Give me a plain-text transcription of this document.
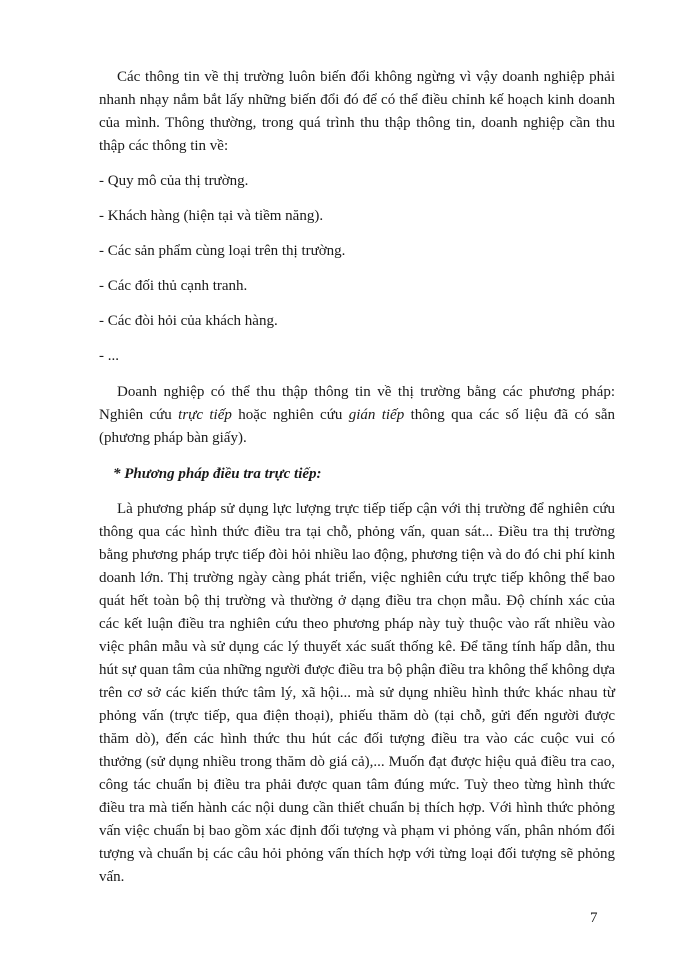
Các thông tin về thị trường luôn biến đổi không ngừng vì vậy doanh nghiệp phải nhanh nhạy nắm bắt lấy những biến đổi đó để có thể điều chỉnh kế hoạch kinh doanh của mình. Thông thường, trong quá trình thu thập thông tin, doanh nghiệp cần thu thập các thông tin về:

- Quy mô của thị trường.

- Khách hàng (hiện tại và tiềm năng).

- Các sản phẩm cùng loại trên thị trường.

- Các đối thủ cạnh tranh.

- Các đòi hỏi của khách hàng.

- ...

Doanh nghiệp có thể thu thập thông tin về thị trường bằng các phương pháp: Nghiên cứu trực tiếp hoặc nghiên cứu gián tiếp thông qua các số liệu đã có sẵn (phương pháp bàn giấy).

* Phương pháp điều tra trực tiếp:

Là phương pháp sử dụng lực lượng trực tiếp tiếp cận với thị trường để nghiên cứu thông qua các hình thức điều tra tại chỗ, phỏng vấn, quan sát... Điều tra thị trường bằng phương pháp trực tiếp đòi hỏi nhiều lao động, phương tiện và do đó chi phí kinh doanh lớn. Thị trường ngày càng phát triển, việc nghiên cứu trực tiếp không thể bao quát hết toàn bộ thị trường và thường ở dạng điều tra chọn mẫu. Độ chính xác của các kết luận điều tra nghiên cứu theo phương pháp này tuỳ thuộc vào rất nhiều vào việc phân mẫu và sử dụng các lý thuyết xác suất thống kê. Để tăng tính hấp dẫn, thu hút sự quan tâm của những người được điều tra bộ phận điều tra không thể không dựa trên cơ sở các kiến thức tâm lý, xã hội... mà sử dụng nhiều hình thức khác nhau từ phỏng vấn (trực tiếp, qua điện thoại), phiếu thăm dò (tại chỗ, gửi đến người được thăm dò), đến các hình thức thu hút các đối tượng điều tra vào các cuộc vui có thưởng (sử dụng nhiều trong thăm dò giá cả),... Muốn đạt được hiệu quả điều tra cao, công tác chuẩn bị điều tra phải được quan tâm đúng mức. Tuỳ theo từng hình thức điều tra mà tiến hành các nội dung cần thiết chuẩn bị thích hợp. Với hình thức phỏng vấn việc chuẩn bị bao gồm xác định đối tượng và phạm vi phỏng vấn, phân nhóm đối tượng và chuẩn bị các câu hỏi phỏng vấn thích hợp với từng loại đối tượng sẽ phỏng vấn.

7
